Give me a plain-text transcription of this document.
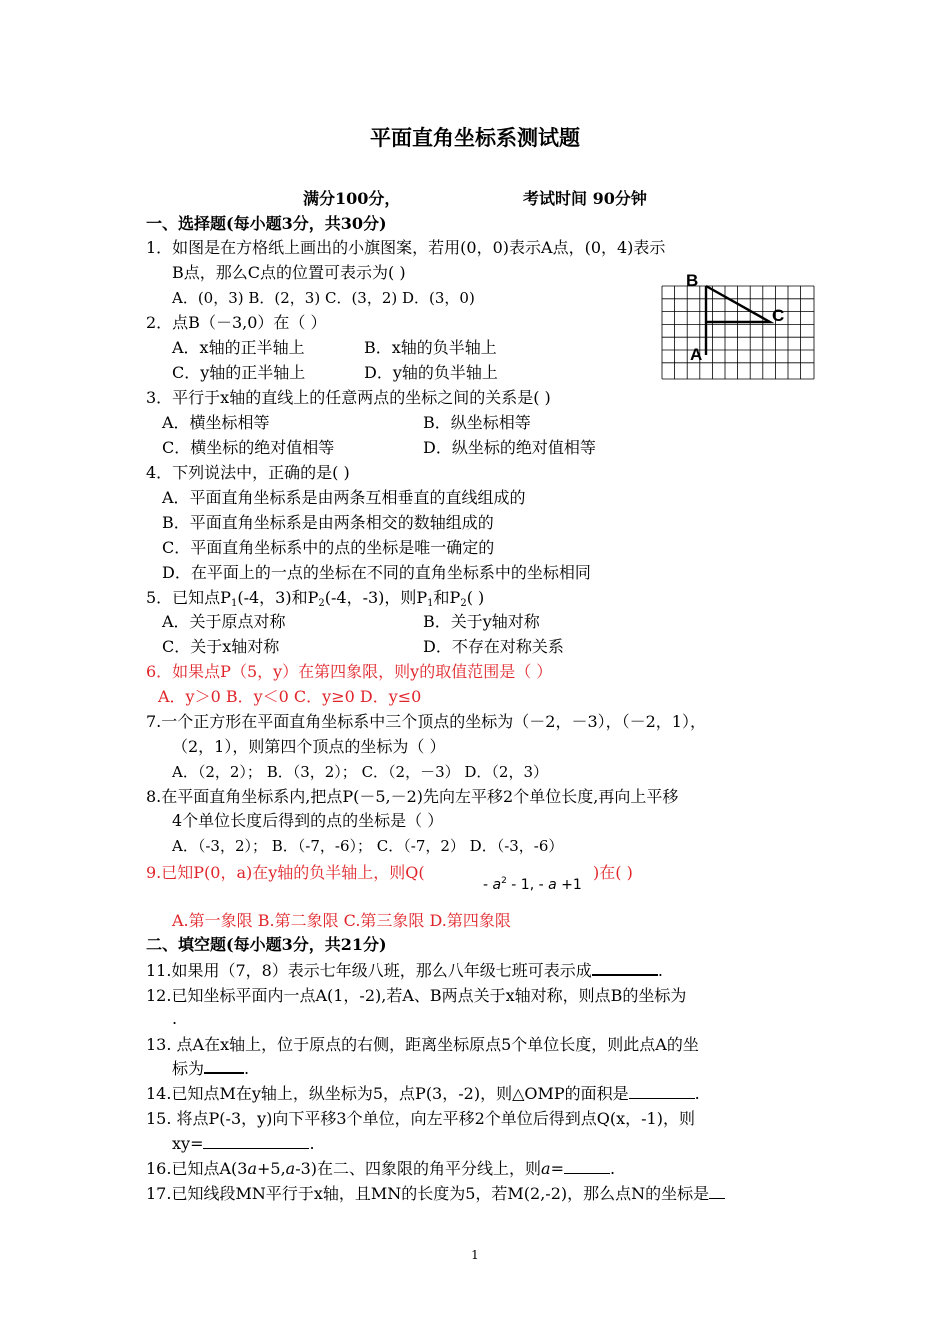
平面直角坐标系测试题
满分100分，	考试时间 90分钟
一、选择题(每小题3分，共30分)
1．如图是在方格纸上画出的小旗图案，若用(0，0)表示A点，(0，4)表示
B点，那么C点的位置可表示为( )
A．(0，3) B．(2，3) C．(3，2) D．(3，0)
B
C
A
2．点B（－3,0）在（ ）
A．x轴的正半轴上	B．x轴的负半轴上
C．y轴的正半轴上	D．y轴的负半轴上
3．平行于x轴的直线上的任意两点的坐标之间的关系是( )
A．横坐标相等	B．纵坐标相等
C．横坐标的绝对值相等	D．纵坐标的绝对值相等
4．下列说法中，正确的是( )
A．平面直角坐标系是由两条互相垂直的直线组成的
B．平面直角坐标系是由两条相交的数轴组成的
C．平面直角坐标系中的点的坐标是唯一确定的
D．在平面上的一点的坐标在不同的直角坐标系中的坐标相同
5．已知点$P_1(-4$，3)和$P_2(-4$，-3)，则$P_1$和$P_2$( )
A．关于原点对称	B．关于y轴对称
C．关于x轴对称	D．不存在对称关系
6．如果点P（5，y）在第四象限，则y的取值范围是（ ）
A．y＞0 B．y＜0 C．y≥0 D．y≤0
7.一个正方形在平面直角坐标系中三个顶点的坐标为（－2，－3），（－2，1），
（2，1），则第四个顶点的坐标为（ ）
A．（2，2）； B．（3，2）； C．（2，－3） D．（2，3）
8.在平面直角坐标系内,把点P(－5,－2)先向左平移2个单位长度,再向上平移
4个单位长度后得到的点的坐标是（ ）
A．（-3，2）； B．（-7，-6）； C．（-7，2） D．（-3，-6）
9.已知P(0，a)在y轴的负半轴上，则Q(
- $a^2 - 1$, - a +1
)在( )
A.第一象限 B.第二象限 C.第三象限 D.第四象限
二、填空题(每小题3分，共21分)
11.如果用（7，8）表示七年级八班，那么八年级七班可表示成	.
12.已知坐标平面内一点A(1，-2),若A、B两点关于x轴对称，则点B的坐标为
.
13. 点A在x轴上，位于原点的右侧，距离坐标原点5个单位长度，则此点A的坐
标为	.
14.已知点M在y轴上，纵坐标为5，点P(3，-2)，则△OMP的面积是	.
15. 将点P(-3，y)向下平移3个单位，向左平移2个单位后得到点Q(x，-1)，则
xy=	.
16.已知点A(3a+5,a-3)在二、四象限的角平分线上，则a=	.
17.已知线段MN平行于x轴，且MN的长度为5，若M(2,-2)，那么点N的坐标是
1
